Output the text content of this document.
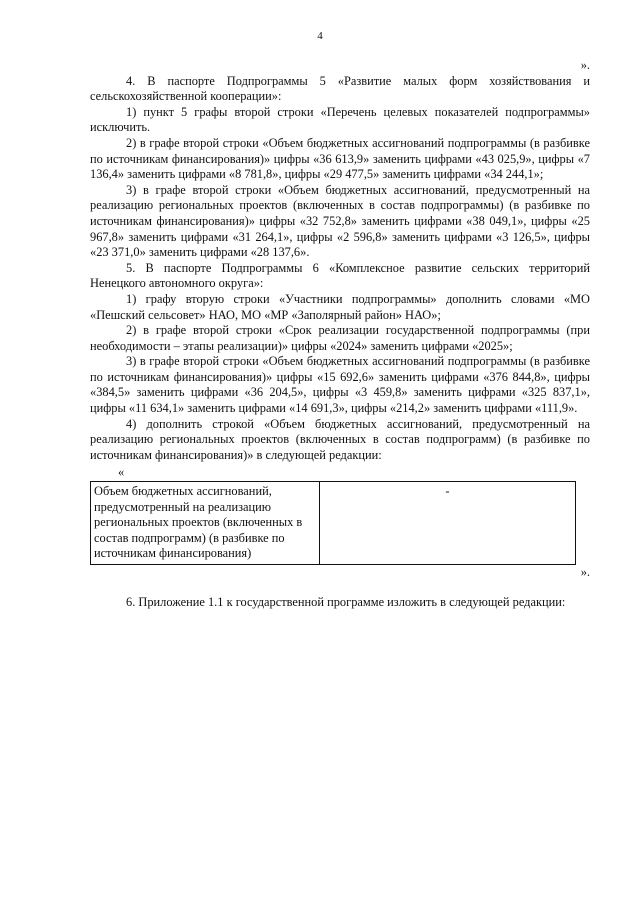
4

».

4. В паспорте Подпрограммы 5 «Развитие малых форм хозяйствования и сельскохозяйственной кооперации»:

1) пункт 5 графы второй строки «Перечень целевых показателей подпрограммы» исключить.

2) в графе второй строки «Объем бюджетных ассигнований подпрограммы (в разбивке по источникам финансирования)» цифры «36 613,9» заменить цифрами «43 025,9», цифры «7 136,4» заменить цифрами «8 781,8», цифры «29 477,5» заменить цифрами «34 244,1»;

3) в графе второй строки «Объем бюджетных ассигнований, предусмотренный на реализацию региональных проектов (включенных в состав подпрограммы) (в разбивке по источникам финансирования)» цифры «32 752,8» заменить цифрами «38 049,1», цифры «25 967,8» заменить цифрами «31 264,1», цифры «2 596,8» заменить цифрами «3 126,5», цифры «23 371,0» заменить цифрами «28 137,6».

5. В паспорте Подпрограммы 6 «Комплексное развитие сельских территорий Ненецкого автономного округа»:

1) графу вторую строки «Участники подпрограммы» дополнить словами «МО «Пешский сельсовет» НАО, МО «МР «Заполярный район» НАО»;

2) в графе второй строки «Срок реализации государственной подпрограммы (при необходимости – этапы реализации)» цифры «2024» заменить цифрами «2025»;

3) в графе второй строки «Объем бюджетных ассигнований подпрограммы (в разбивке по источникам финансирования)» цифры «15 692,6» заменить цифрами «376 844,8», цифры «384,5» заменить цифрами «36 204,5», цифры «3 459,8» заменить цифрами «325 837,1», цифры «11 634,1» заменить цифрами «14 691,3», цифры «214,2» заменить цифрами «111,9».

4) дополнить строкой «Объем бюджетных ассигнований, предусмотренный на реализацию региональных проектов (включенных в состав подпрограмм) (в разбивке по источникам финансирования)» в следующей редакции:

«

Объем бюджетных ассигнований, предусмотренный на реализацию региональных проектов (включенных в состав подпрограмм) (в разбивке по источникам финансирования)	-

».

6. Приложение 1.1 к государственной программе изложить в следующей редакции:
